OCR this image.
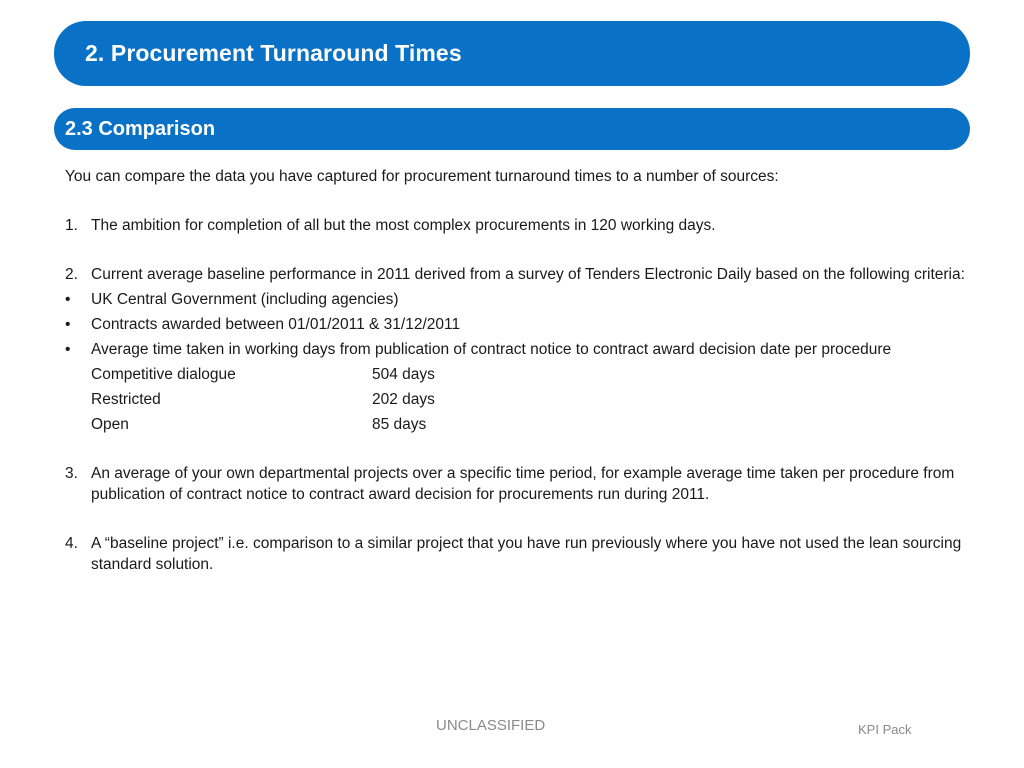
2. Procurement Turnaround Times
2.3 Comparison

You can compare the data you have captured for procurement turnaround times to a number of sources:

1. The ambition for completion of all but the most complex procurements in 120 working days.
2. Current average baseline performance in 2011 derived from a survey of Tenders Electronic Daily based on the following criteria:
• UK Central Government (including agencies)
• Contracts awarded between 01/01/2011 & 31/12/2011
• Average time taken in working days from publication of contract notice to contract award decision date per procedure
Competitive dialogue	504 days
Restricted	202 days
Open	85 days
3. An average of your own departmental projects over a specific time period, for example average time taken per procedure from publication of contract notice to contract award decision for procurements run during 2011.
4. A “baseline project” i.e. comparison to a similar project that you have run previously where you have not used the lean sourcing standard solution.
UNCLASSIFIED	KPI Pack
